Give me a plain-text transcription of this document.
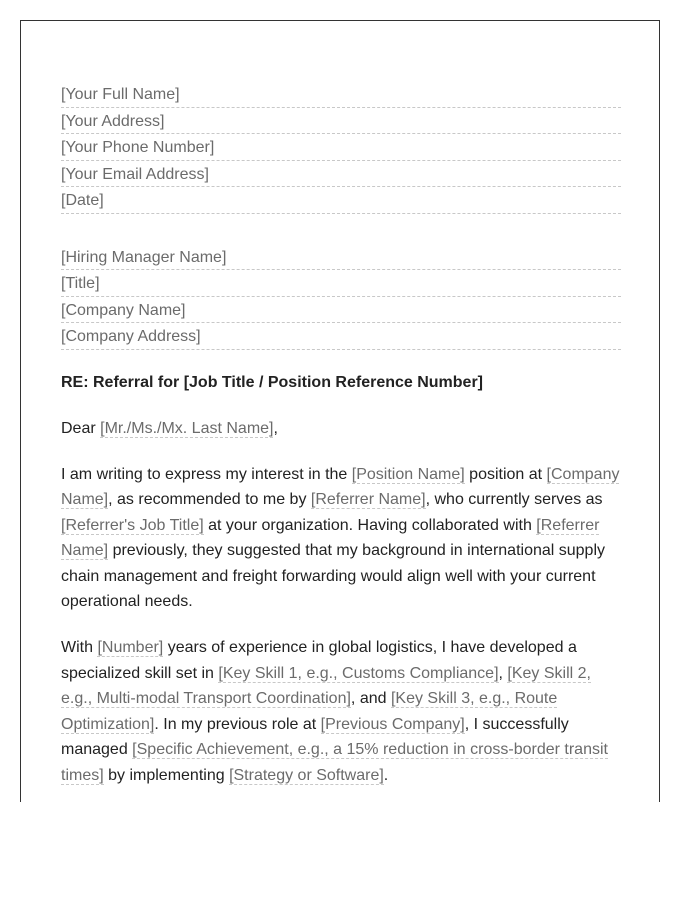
[Your Full Name]
[Your Address]
[Your Phone Number]
[Your Email Address]
[Date]
[Hiring Manager Name]
[Title]
[Company Name]
[Company Address]
RE: Referral for [Job Title / Position Reference Number]
Dear [Mr./Ms./Mx. Last Name],
I am writing to express my interest in the [Position Name] position at [Company Name], as recommended to me by [Referrer Name], who currently serves as [Referrer's Job Title] at your organization. Having collaborated with [Referrer Name] previously, they suggested that my background in international supply chain management and freight forwarding would align well with your current operational needs.
With [Number] years of experience in global logistics, I have developed a specialized skill set in [Key Skill 1, e.g., Customs Compliance], [Key Skill 2, e.g., Multi-modal Transport Coordination], and [Key Skill 3, e.g., Route Optimization]. In my previous role at [Previous Company], I successfully managed [Specific Achievement, e.g., a 15% reduction in cross-border transit times] by implementing [Strategy or Software].
